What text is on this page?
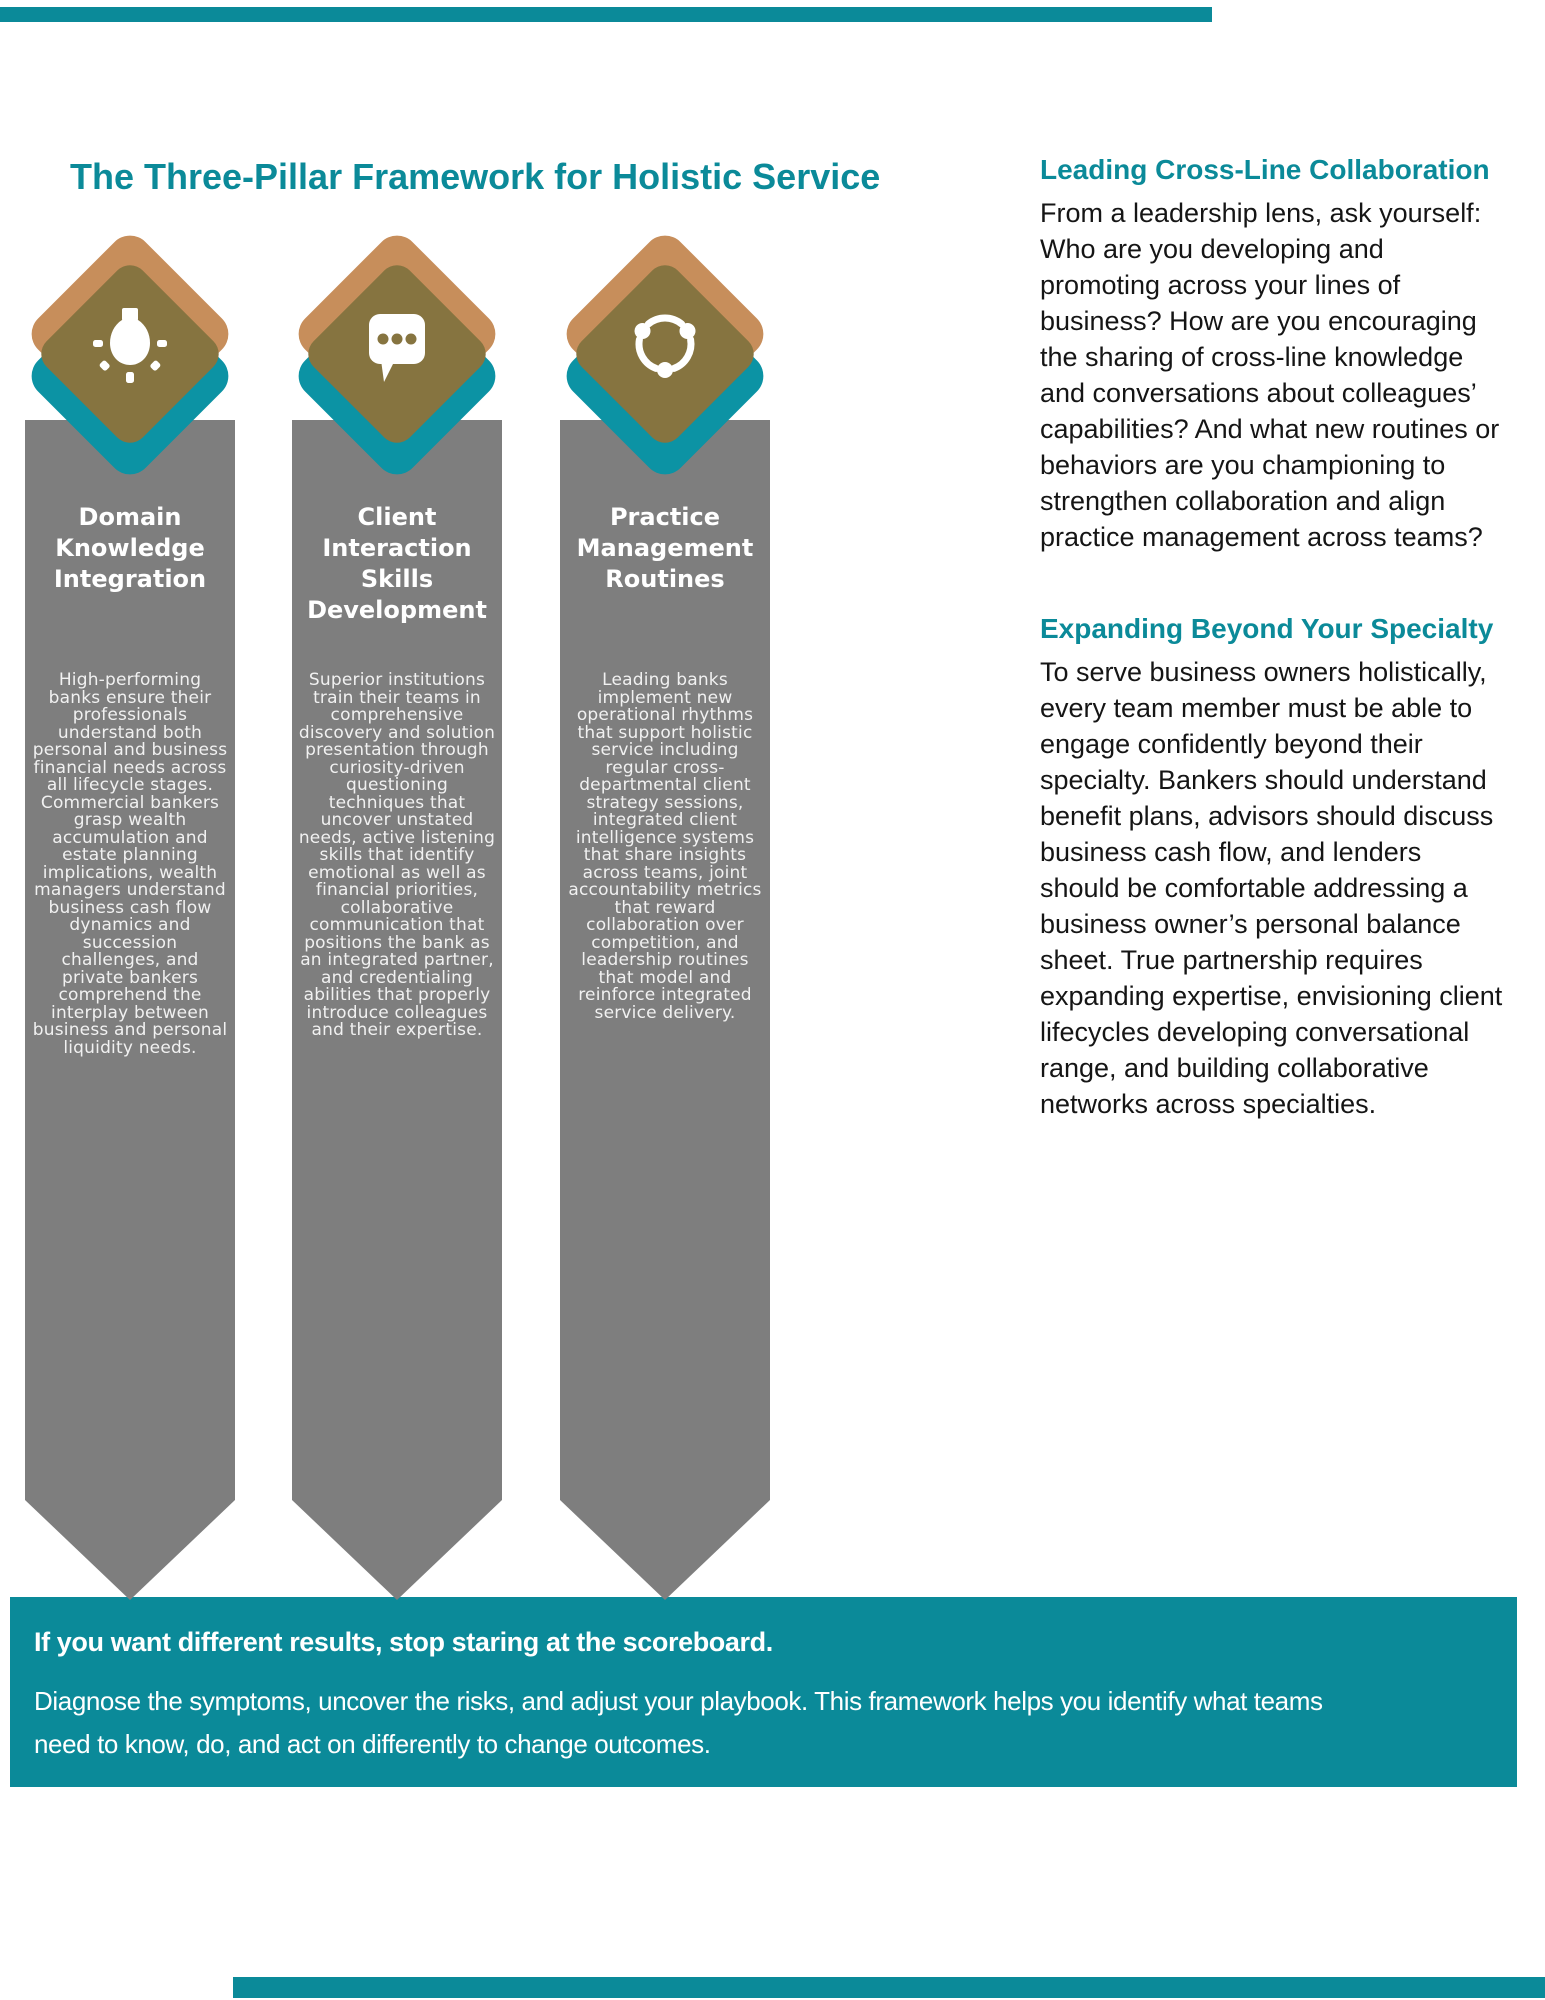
The Three-Pillar Framework for Holistic Service
Domain Knowledge Integration
High-performing banks ensure their professionals understand both personal and business financial needs across all lifecycle stages. Commercial bankers grasp wealth accumulation and estate planning implications, wealth managers understand business cash flow dynamics and succession challenges, and private bankers comprehend the interplay between business and personal liquidity needs.
Client Interaction Skills Development
Superior institutions train their teams in comprehensive discovery and solution presentation through curiosity-driven questioning techniques that uncover unstated needs, active listening skills that identify emotional as well as financial priorities, collaborative communication that positions the bank as an integrated partner, and credentialing abilities that properly introduce colleagues and their expertise.
Practice Management Routines
Leading banks implement new operational rhythms that support holistic service including regular cross-departmental client strategy sessions, integrated client intelligence systems that share insights across teams, joint accountability metrics that reward collaboration over competition, and leadership routines that model and reinforce integrated service delivery.
Leading Cross-Line Collaboration
From a leadership lens, ask yourself: Who are you developing and promoting across your lines of business? How are you encouraging the sharing of cross-line knowledge and conversations about colleagues’ capabilities? And what new routines or behaviors are you championing to strengthen collaboration and align practice management across teams?
Expanding Beyond Your Specialty
To serve business owners holistically, every team member must be able to engage confidently beyond their specialty. Bankers should understand benefit plans, advisors should discuss business cash flow, and lenders should be comfortable addressing a business owner’s personal balance sheet. True partnership requires expanding expertise, envisioning client lifecycles developing conversational range, and building collaborative networks across specialties.
If you want different results, stop staring at the scoreboard.
Diagnose the symptoms, uncover the risks, and adjust your playbook. This framework helps you identify what teams need to know, do, and act on differently to change outcomes.
